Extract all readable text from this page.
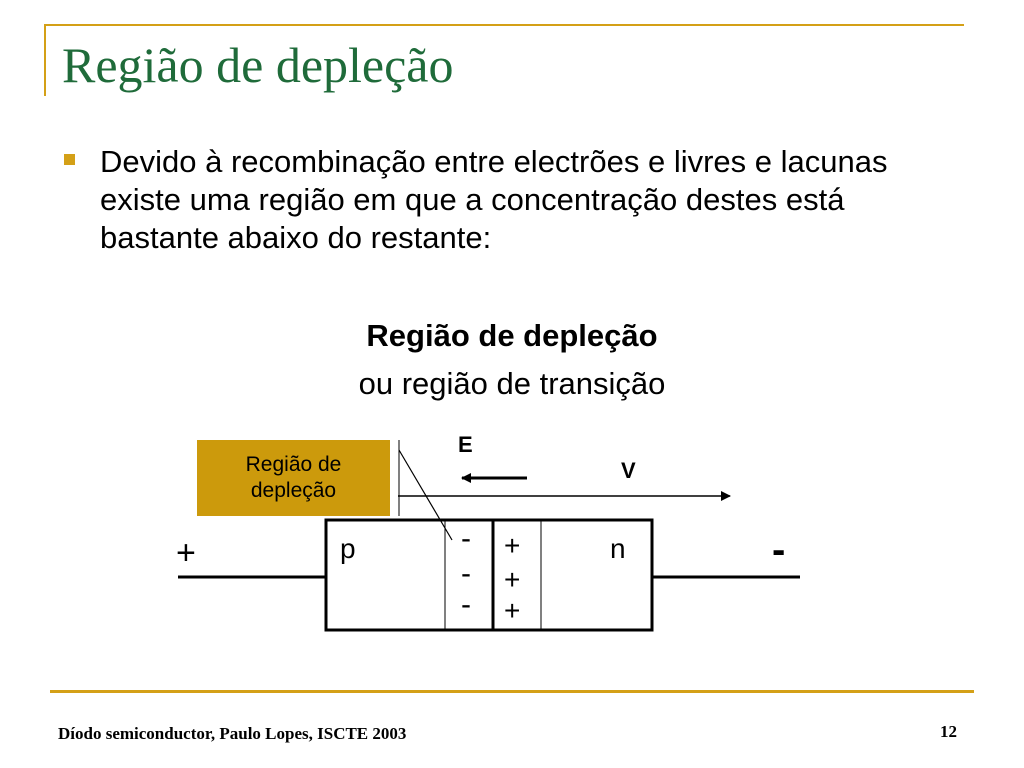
Região de depleção
Devido à recombinação entre electrões e livres e lacunas existe uma região em que a concentração destes está bastante abaixo do restante:
Região de depleção
ou região de transição
Região de
depleção
E
V
+	-
p	n
-
-
-
+
+
+
Díodo semiconductor, Paulo Lopes, ISCTE 2003	12
